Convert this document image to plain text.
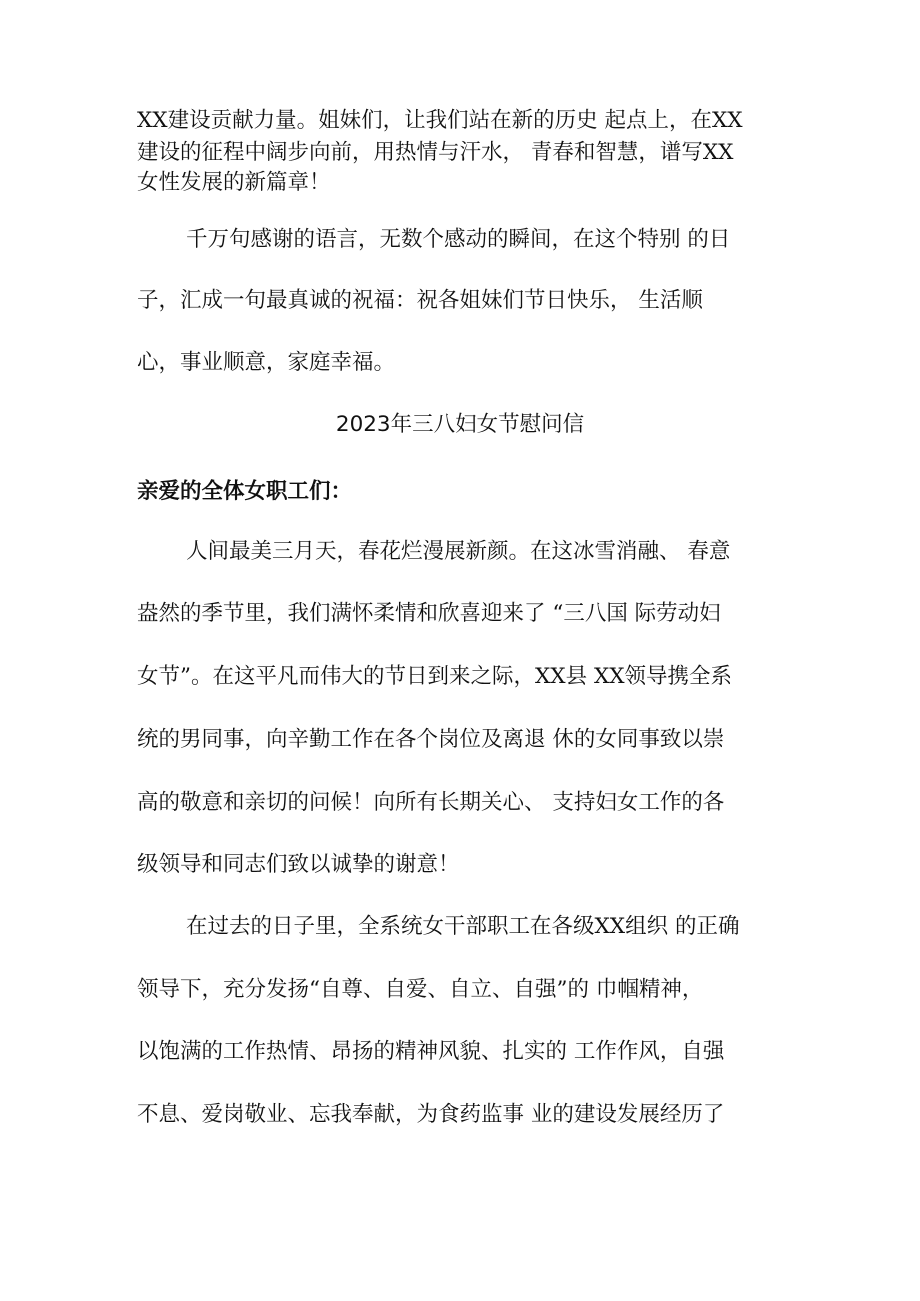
XX建设贡献力量。姐妹们，让我们站在新的历史 起点上，在XX
建设的征程中阔步向前，用热情与汗水， 青春和智慧，谱写XX
女性发展的新篇章！
千万句感谢的语言，无数个感动的瞬间，在这个特别 的日
子，汇成一句最真诚的祝福：祝各姐妹们节日快乐， 生活顺
心，事业顺意，家庭幸福。
2023年三八妇女节慰问信
亲爱的全体女职工们：
人间最美三月天，春花烂漫展新颜。在这冰雪消融、 春意
盎然的季节里，我们满怀柔情和欣喜迎来了 “三八国 际劳动妇
女节”。在这平凡而伟大的节日到来之际，XX县 XX领导携全系
统的男同事，向辛勤工作在各个岗位及离退 休的女同事致以崇
高的敬意和亲切的问候！向所有长期关心、 支持妇女工作的各
级领导和同志们致以诚挚的谢意！
在过去的日子里，全系统女干部职工在各级XX组织 的正确
领导下，充分发扬“自尊、自爱、自立、自强”的 巾帼精神，
以饱满的工作热情、昂扬的精神风貌、扎实的 工作作风，自强
不息、爱岗敬业、忘我奉献，为食药监事 业的建设发展经历了
